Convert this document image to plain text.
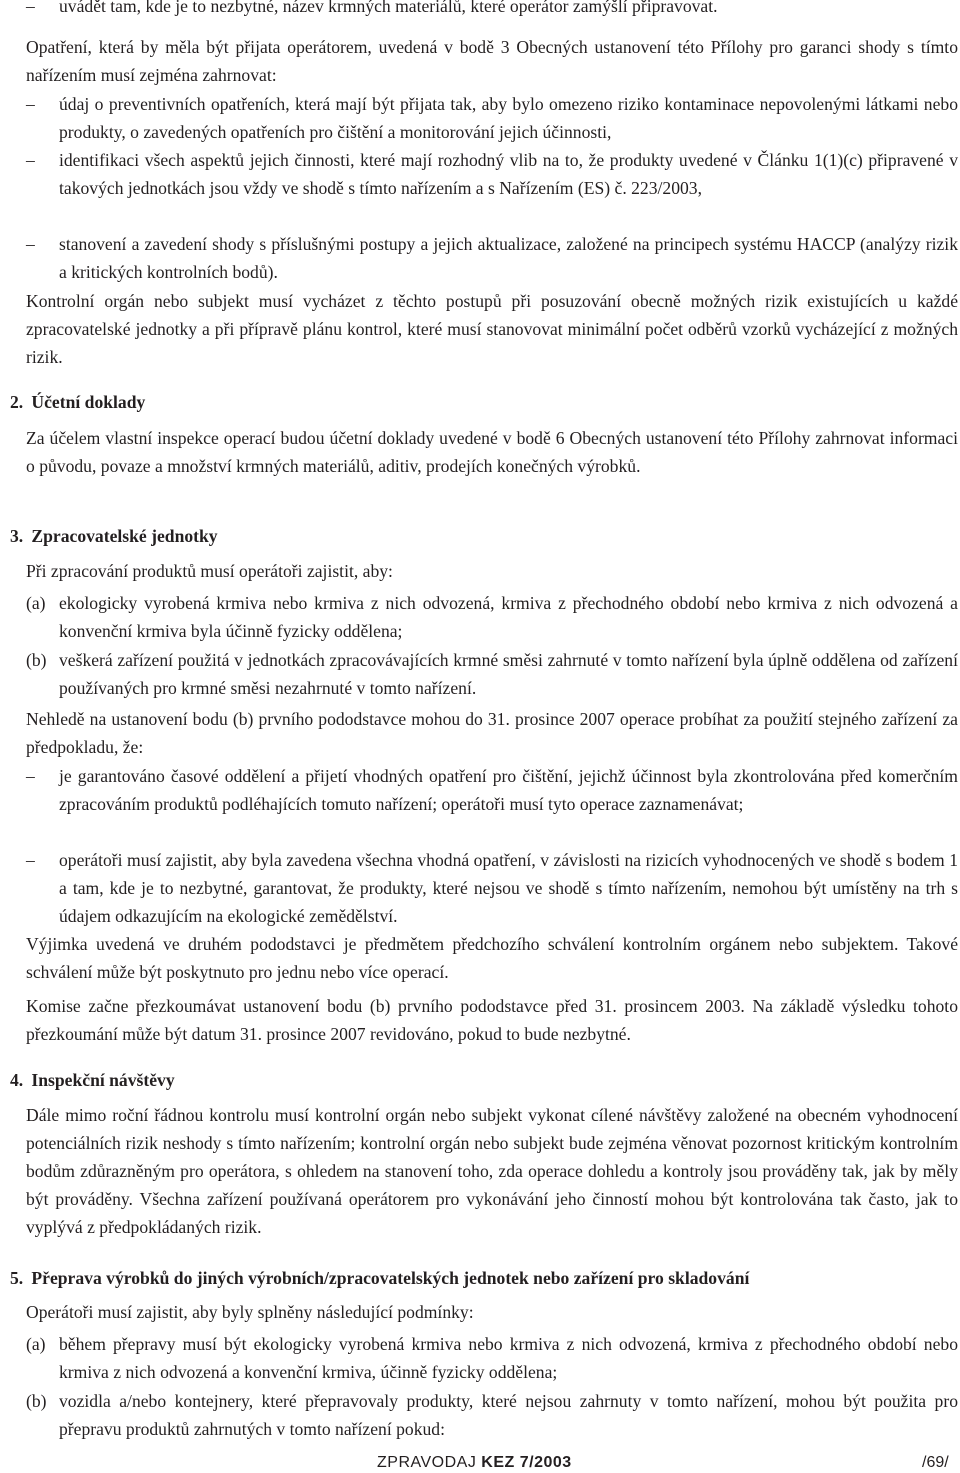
– uvádět tam, kde je to nezbytné, název krmných materiálů, které operátor zamýšlí připravovat.

Opatření, která by měla být přijata operátorem, uvedená v bodě 3 Obecných ustanovení této Přílohy pro garanci shody s tímto nařízením musí zejména zahrnovat:

– údaj o preventivních opatřeních, která mají být přijata tak, aby bylo omezeno riziko kontaminace nepovolenými látkami nebo produkty, o zavedených opatřeních pro čištění a monitorování jejich účinnosti,

– identifikaci všech aspektů jejich činnosti, které mají rozhodný vlib na to, že produkty uvedené v Článku 1(1)(c) připravené v takových jednotkách jsou vždy ve shodě s tímto nařízením a s Nařízením (ES) č. 223/2003,

– stanovení a zavedení shody s příslušnými postupy a jejich aktualizace, založené na principech systému HACCP (analýzy rizik a kritických kontrolních bodů).

Kontrolní orgán nebo subjekt musí vycházet z těchto postupů při posuzování obecně možných rizik existujících u každé zpracovatelské jednotky a při přípravě plánu kontrol, které musí stanovovat minimální počet odběrů vzorků vycházející z možných rizik.

2. Účetní doklady

Za účelem vlastní inspekce operací budou účetní doklady uvedené v bodě 6 Obecných ustanovení této Přílohy zahrnovat informaci o původu, povaze a množství krmných materiálů, aditiv, prodejích konečných výrobků.

3. Zpracovatelské jednotky

Při zpracování produktů musí operátoři zajistit, aby:

(a) ekologicky vyrobená krmiva nebo krmiva z nich odvozená, krmiva z přechodného období nebo krmiva z nich odvozená a konvenční krmiva byla účinně fyzicky oddělena;

(b) veškerá zařízení použitá v jednotkách zpracovávajících krmné směsi zahrnuté v tomto nařízení byla úplně oddělena od zařízení používaných pro krmné směsi nezahrnuté v tomto nařízení.

Nehledě na ustanovení bodu (b) prvního pododstavce mohou do 31. prosince 2007 operace probíhat za použití stejného zařízení za předpokladu, že:

– je garantováno časové oddělení a přijetí vhodných opatření pro čištění, jejichž účinnost byla zkontrolována před komerčním zpracováním produktů podléhajících tomuto nařízení; operátoři musí tyto operace zaznamenávat;

– operátoři musí zajistit, aby byla zavedena všechna vhodná opatření, v závislosti na rizicích vyhodnocených ve shodě s bodem 1 a tam, kde je to nezbytné, garantovat, že produkty, které nejsou ve shodě s tímto nařízením, nemohou být umístěny na trh s údajem odkazujícím na ekologické zemědělství.

Výjimka uvedená ve druhém pododstavci je předmětem předchozího schválení kontrolním orgánem nebo subjektem. Takové schválení může být poskytnuto pro jednu nebo více operací.

Komise začne přezkoumávat ustanovení bodu (b) prvního pododstavce před 31. prosincem 2003. Na základě výsledku tohoto přezkoumání může být datum 31. prosince 2007 revidováno, pokud to bude nezbytné.

4. Inspekční návštěvy

Dále mimo roční řádnou kontrolu musí kontrolní orgán nebo subjekt vykonat cílené návštěvy založené na obecném vyhodnocení potenciálních rizik neshody s tímto nařízením; kontrolní orgán nebo subjekt bude zejména věnovat pozornost kritickým kontrolním bodům zdůrazněným pro operátora, s ohledem na stanovení toho, zda operace dohledu a kontroly jsou prováděny tak, jak by měly být prováděny. Všechna zařízení používaná operátorem pro vykonávání jeho činností mohou být kontrolována tak často, jak to vyplývá z předpokládaných rizik.

5. Přeprava výrobků do jiných výrobních/zpracovatelských jednotek nebo zařízení pro skladování

Operátoři musí zajistit, aby byly splněny následující podmínky:

(a) během přepravy musí být ekologicky vyrobená krmiva nebo krmiva z nich odvozená, krmiva z přechodného období nebo krmiva z nich odvozená a konvenční krmiva, účinně fyzicky oddělena;

(b) vozidla a/nebo kontejnery, které přepravovaly produkty, které nejsou zahrnuty v tomto nařízení, mohou být použita pro přepravu produktů zahrnutých v tomto nařízení pokud:

ZPRAVODAJ KEZ 7/2003	/69/
